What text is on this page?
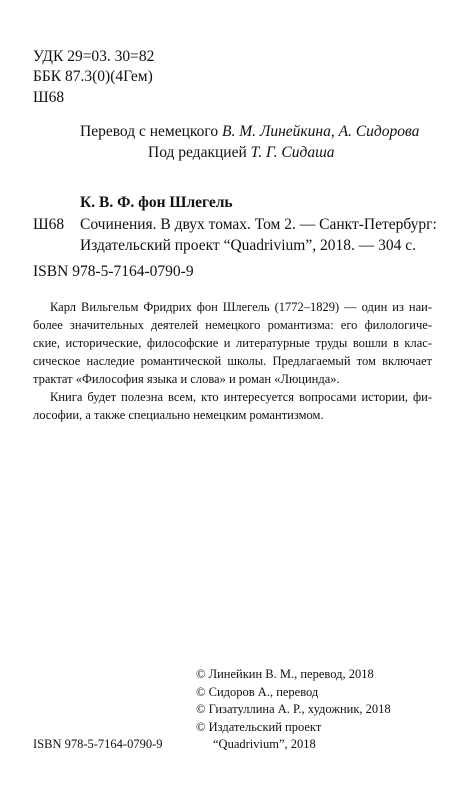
УДК 29=03. 30=82
ББК 87.3(0)(4Гем)
Ш68
Перевод с немецкого В. М. Линейкина, А. Сидорова
Под редакцией Т. Г. Сидаша
К. В. Ф. фон Шлегель
Ш68 Сочинения. В двух томах. Том 2. — Санкт-Петербург:
Издательский проект “Quadrivium”, 2018. — 304 с.
ISBN 978-5-7164-0790-9
Карл Вильгельм Фридрих фон Шлегель (1772–1829) — один из наи-
более значительных деятелей немецкого романтизма: его филологиче-
ские, исторические, философские и литературные труды вошли в клас-
сическое наследие романтической школы. Предлагаемый том включает
трактат «Философия языка и слова» и роман «Люцинда».
Книга будет полезна всем, кто интересуется вопросами истории, фи-
лософии, а также специально немецким романтизмом.
© Линейкин В. М., перевод, 2018
© Сидоров А., перевод
© Гизатуллина А. Р., художник, 2018
© Издательский проект
ISBN 978-5-7164-0790-9	“Quadrivium”, 2018
